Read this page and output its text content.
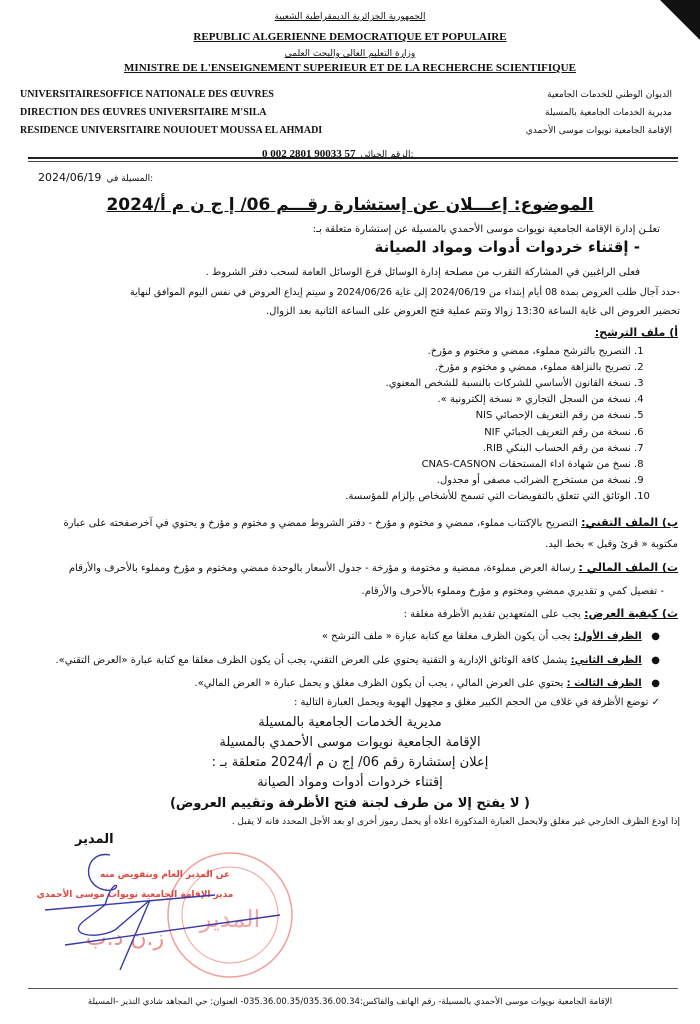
الجمهورية الجزائرية الديمقراطية الشعبية
REPUBLIC ALGERIENNE DEMOCRATIQUE ET POPULAIRE
وزارة التعليم العالي والبحث العلمي
MINISTRE DE L'ENSEIGNEMENT SUPERIEUR ET DE LA RECHERCHE SCIENTIFIQUE
UNIVERSITAIRESOFFICE NATIONALE DES ŒUVRES
DIRECTION DES ŒUVRES UNIVERSITAIRE M'SILA
RESIDENCE UNIVERSITAIRE NOUIOUET MOUSSA EL AHMADI
الديوان الوطني للخدمات الجامعية
مديرية الخدمات الجامعية بالمسيلة
الإقامة الجامعية نويوات موسى الأحمدي
0 002 2801 90033 57 الرقم الجبائي:
2024/06/19 المسيلة في:
الموضوع: إعـــلان عن إستشارة رقـــم 06/ إ ج ن م أ/2024
تعلـن إدارة الإقامة الجامعية نويوات موسى الأحمدي بالمسيلة عن إستشارة متعلقة بـ:
- إقتناء خردوات أدوات ومواد الصيانة
فعلى الراغبين في المشاركة التقرب من مصلحة إدارة الوسائل فرع الوسائل العامة لسحب دفتر الشروط .
-حدد آجال طلب العروض بمدة 08 أيام إبتداء من 2024/06/19 إلى غاية 2024/06/26 و سيتم إيداع العروض في نفس اليوم الموافق لنهاية
تحضير العروض الى غاية الساعة 13:30 زوالا وتتم عملية فتح العروض على الساعة الثانية بعد الزوال.
أ) ملف الترشح:
1. التصريح بالترشح مملوء، ممضي و مختوم و مؤرخ.
2. تصريح بالنزاهة مملوء، ممضي و مختوم و مؤرخ.
3. نسخة القانون الأساسي للشركات بالنسبة للشخص المعنوي.
4. نسخة من السجل التجاري « نسخة إلكترونية ».
5. نسخة من رقم التعريف الإحصائي NIS
6. نسخة من رقم التعريف الجبائي NIF
7. نسخة من رقم الحساب البنكي RIB.
8. نسخ من شهادة اداء المستحقات CNAS-CASNON
9. نسخة من مستخرج الضرائب مصفى أو مجدول.
10. الوثائق التي تتعلق بالتفويضات التي تسمح للأشخاص بإلزام للمؤسسة.
ب) الملف التقني: التصريح بالإكتتاب مملوء، ممضي و مختوم و مؤرخ - دفتر الشروط ممضي و مختوم و مؤرخ و يحتوي في آخرصفحته على عبارة
مكتوبة « قرئ وقبل » بخط اليد.
ت) الملف المالي : رسالة العرض مملوءة، ممضية و مختومة و مؤرخة - جدول الأسعار بالوحدة ممضي ومختوم و مؤرخ ومملوء بالأحرف والأرقام
- تفصيل كمي و تقديري ممضي ومختوم و مؤرخ ومملوء بالأحرف والأرقام.
ث) كيفية العرض: يجب على المتعهدين تقديم الأظرفة مغلقة :
●   الظرف الأول: يجب أن يكون الظرف مغلقا مع كتابة عبارة « ملف الترشح »
●   الظرف الثاني: يشمل كافة الوثائق الإدارية و التقنية يحتوي على العرض التقني، يجب أن يكون الظرف مغلقا مع كتابة عبارة «العرض التقني».
●   الظرف الثالث : يحتوي على العرض المالي ، يجب أن يكون الظرف مغلق و يحمل عبارة « العرض المالي».
✓ توضع الأظرفة في غلاف من الحجم الكبير مغلق و مجهول الهوية ويحمل العبارة التالية :
مديرية الخدمات الجامعية بالمسيلة
الإقامة الجامعية نويوات موسى الأحمدي بالمسيلة
إعلان إستشارة رقم 06/ إج ن م أ/2024 متعلقة بـ :
إقتناء خردوات أدوات ومواد الصيانة
( لا يفتح إلا من طرف لجنة فتح الأظرفة وتقييم العروض)
إذا اودع الظرف الخارجي غير مغلق ولايحمل العبارة المذكورة اعلاه أو يحمل رموز أخرى او بعد الأجل المحدد فانه لا يقبل .
المدير
المدير
عن المدير العام وبتفويض منه
مدير الإقامة الجامعية نويوات موسى الأحمدي
ز.ن د.ب
الإقامة الجامعية نويوات موسى الأحمدي بالمسيلة- رقم الهاتف والفاكس:035.36.00.35/035.36.00.34- العنوان: حي المجاهد شادي النذير -المسيلة
